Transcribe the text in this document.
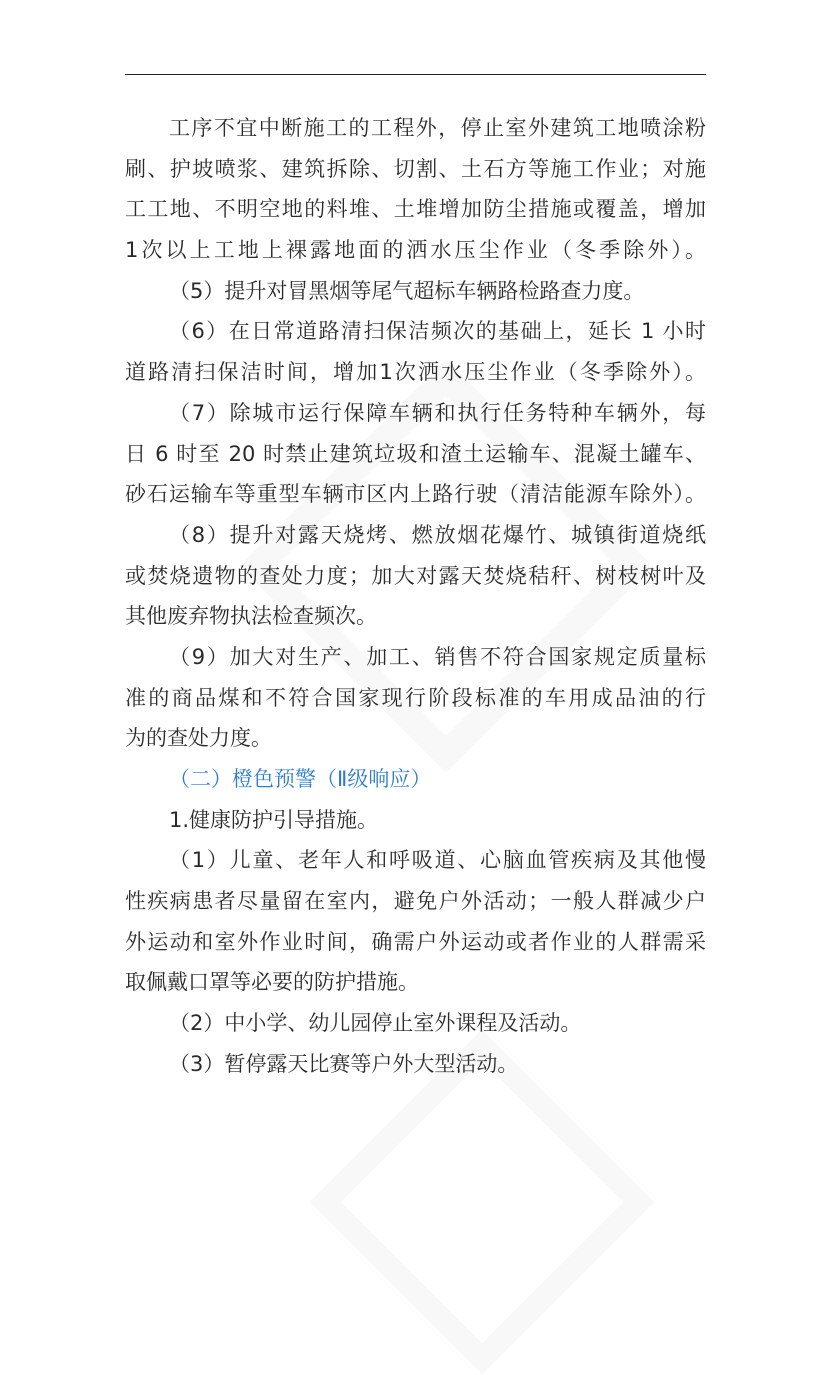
工序不宜中断施工的工程外，停止室外建筑工地喷涂粉
刷、护坡喷浆、建筑拆除、切割、土石方等施工作业；对施
工工地、不明空地的料堆、土堆增加防尘措施或覆盖，增加
1次以上工地上裸露地面的洒水压尘作业（冬季除外）。
（5）提升对冒黑烟等尾气超标车辆路检路查力度。
（6）在日常道路清扫保洁频次的基础上，延长 1 小时
道路清扫保洁时间，增加1次洒水压尘作业（冬季除外）。
（7）除城市运行保障车辆和执行任务特种车辆外，每
日 6 时至 20 时禁止建筑垃圾和渣土运输车、混凝土罐车、
砂石运输车等重型车辆市区内上路行驶（清洁能源车除外）。
（8）提升对露天烧烤、燃放烟花爆竹、城镇街道烧纸
或焚烧遗物的查处力度；加大对露天焚烧秸秆、树枝树叶及
其他废弃物执法检查频次。
（9）加大对生产、加工、销售不符合国家规定质量标
准的商品煤和不符合国家现行阶段标准的车用成品油的行
为的查处力度。
（二）橙色预警（Ⅱ级响应）
1.健康防护引导措施。
（1）儿童、老年人和呼吸道、心脑血管疾病及其他慢
性疾病患者尽量留在室内，避免户外活动；一般人群减少户
外运动和室外作业时间，确需户外运动或者作业的人群需采
取佩戴口罩等必要的防护措施。
（2）中小学、幼儿园停止室外课程及活动。
（3）暂停露天比赛等户外大型活动。
